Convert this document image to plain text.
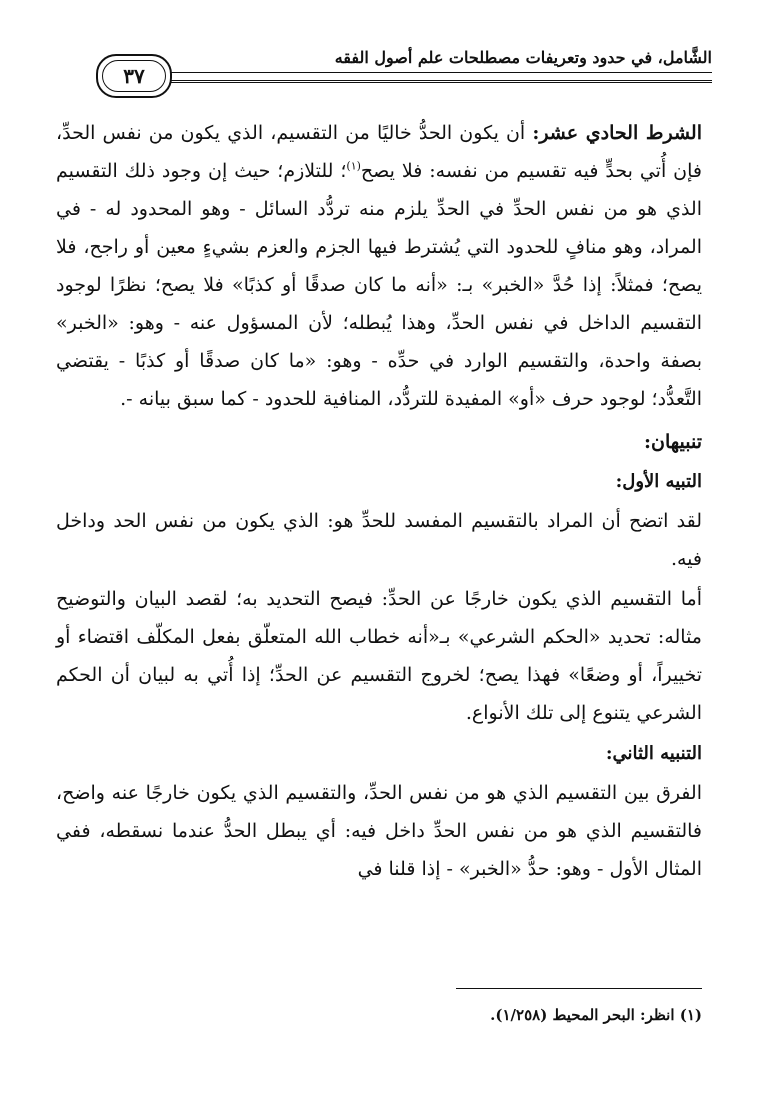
الشَّامل، في حدود وتعريفات مصطلحات علم أصول الفقه
٣٧

الشرط الحادي عشر: أن يكون الحدُّ خاليًا من التقسيم، الذي يكون من نفس الحدِّ، فإن أُتي بحدٍّ فيه تقسيم من نفسه: فلا يصح$^{(١)}$؛ للتلازم؛ حيث إن وجود ذلك التقسيم الذي هو من نفس الحدِّ في الحدِّ يلزم منه تردُّد السائل - وهو المحدود له - في المراد، وهو منافٍ للحدود التي يُشترط فيها الجزم والعزم بشيءٍ معين أو راجح، فلا يصح؛ فمثلاً: إذا حُدَّ «الخبر» بـ: «أنه ما كان صدقًا أو كذبًا» فلا يصح؛ نظرًا لوجود التقسيم الداخل في نفس الحدِّ، وهذا يُبطله؛ لأن المسؤول عنه - وهو: «الخبر» بصفة واحدة، والتقسيم الوارد في حدِّه - وهو: «ما كان صدقًا أو كذبًا - يقتضي التَّعدُّد؛ لوجود حرف «أو» المفيدة للتردُّد، المنافية للحدود - كما سبق بيانه -.

تنبيهان:
التبيه الأول:

لقد اتضح أن المراد بالتقسيم المفسد للحدِّ هو: الذي يكون من نفس الحد وداخل فيه.

أما التقسيم الذي يكون خارجًا عن الحدِّ: فيصح التحديد به؛ لقصد البيان والتوضيح مثاله: تحديد «الحكم الشرعي» بـ«أنه خطاب الله المتعلّق بفعل المكلّف اقتضاء أو تخييراً، أو وضعًا» فهذا يصح؛ لخروج التقسيم عن الحدِّ؛ إذا أُتي به لبيان أن الحكم الشرعي يتنوع إلى تلك الأنواع.

التنبيه الثاني:

الفرق بين التقسيم الذي هو من نفس الحدِّ، والتقسيم الذي يكون خارجًا عنه واضح، فالتقسيم الذي هو من نفس الحدِّ داخل فيه: أي يبطل الحدُّ عندما نسقطه، ففي المثال الأول - وهو: حدُّ «الخبر» - إذا قلنا في

(١) انظر: البحر المحيط (١/٢٥٨).
